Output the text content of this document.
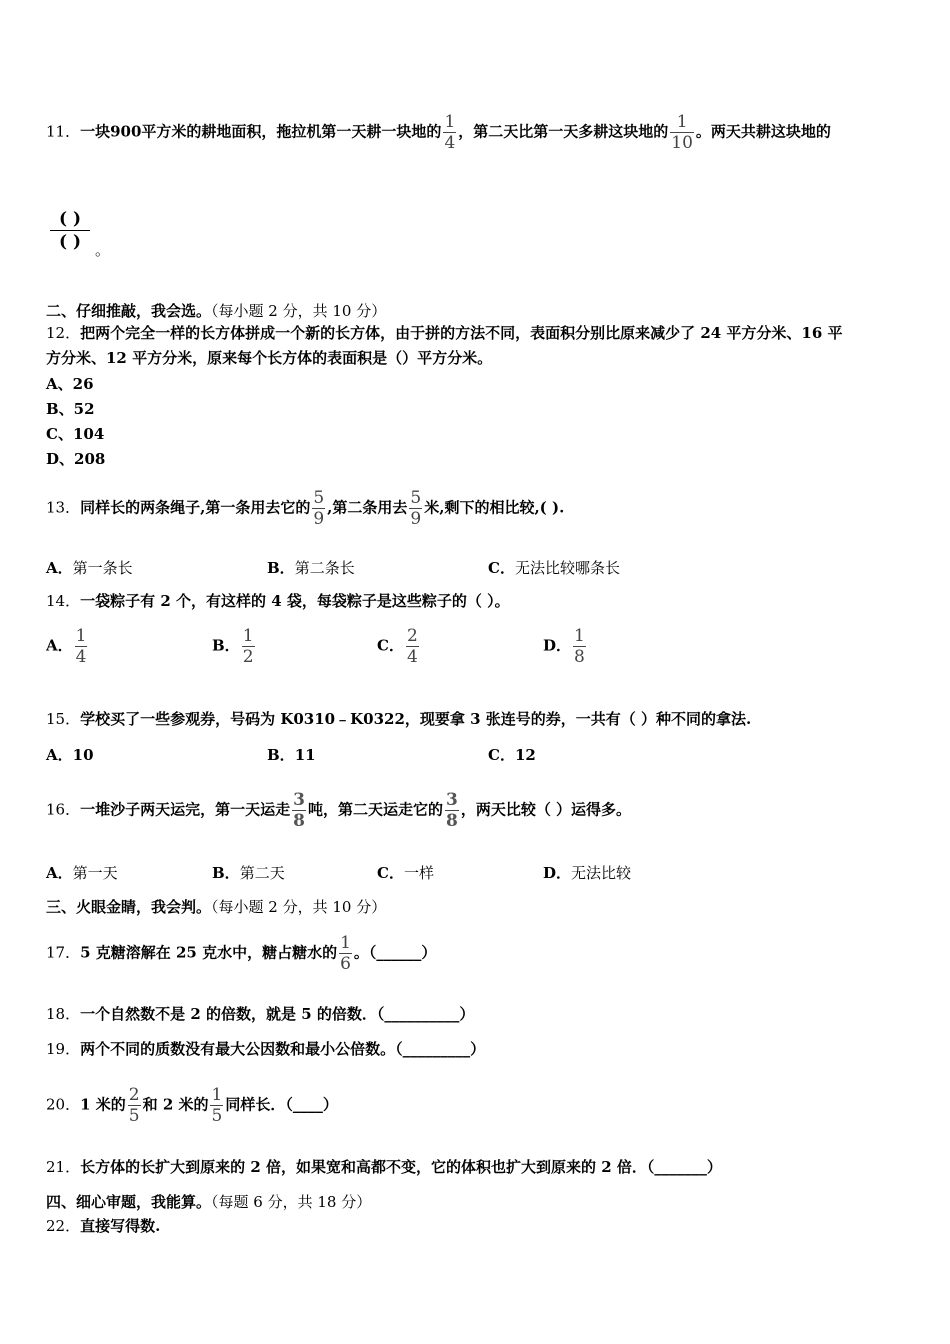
11．一块900平方米的耕地面积，拖拉机第一天耕一块地的 $\frac{1}{4}$ ，第二天比第一天多耕这块地的 $\frac{1}{10}$ 。两天共耕这块地的
( )
( ) 。
二、仔细推敲，我会选。（每小题 2 分，共 10 分）
12．把两个完全一样的长方体拼成一个新的长方体，由于拼的方法不同，表面积分别比原来减少了 24 平方分米、16 平
方分米、12 平方分米，原来每个长方体的表面积是（）平方分米。
A、26
B、52
C、104
D、208
13．同样长的两条绳子,第一条用去它的 $\frac{5}{9}$ ,第二条用去 $\frac{5}{9}$ 米,剩下的相比较,( ).
A．第一条长	B．第二条长	C．无法比较哪条长
14．一袋粽子有 2 个，有这样的 4 袋，每袋粽子是这些粽子的（ ）。
A． $\frac{1}{4}$	B． $\frac{1}{2}$	C． $\frac{2}{4}$	D． $\frac{1}{8}$
15．学校买了一些参观券，号码为 K0310﹣K0322，现要拿 3 张连号的券，一共有（ ）种不同的拿法.
A．10	B．11	C．12
16．一堆沙子两天运完，第一天运走 $\frac{3}{8}$ 吨，第二天运走它的 $\frac{3}{8}$ ，两天比较（ ）运得多。
A．第一天	B．第二天	C．一样	D．无法比较
三、火眼金睛，我会判。（每小题 2 分，共 10 分）
17．5 克糖溶解在 25 克水中，糖占糖水的 $\frac{1}{6}$ 。（______）
18．一个自然数不是 2 的倍数，就是 5 的倍数．（__________）
19．两个不同的质数没有最大公因数和最小公倍数。（_________）
20．1 米的 $\frac{2}{5}$ 和 2 米的 $\frac{1}{5}$ 同样长．（____）
21．长方体的长扩大到原来的 2 倍，如果宽和高都不变，它的体积也扩大到原来的 2 倍．（_______）
四、细心审题，我能算。（每题 6 分，共 18 分）
22．直接写得数.
